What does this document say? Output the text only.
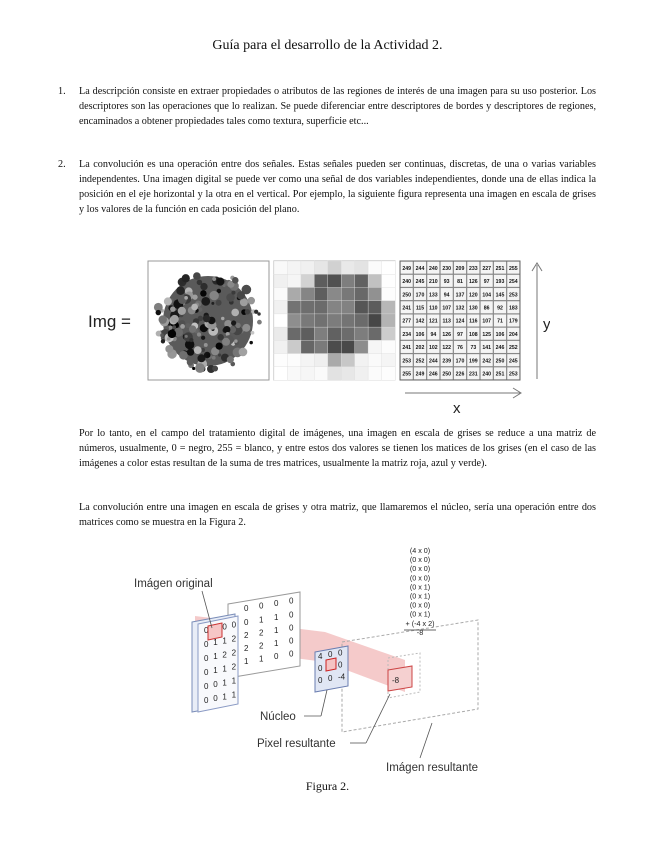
Guía para el desarrollo de la Actividad 2.
1. La descripción consiste en extraer propiedades o atributos de las regiones de interés de una imagen para su uso posterior. Los descriptores son las operaciones que lo realizan. Se puede diferenciar entre descriptores de bordes y descriptores de regiones, encaminados a obtener propiedades tales como textura, superficie etc...

2. La convolución es una operación entre dos señales. Estas señales pueden ser continuas, discretas, de una o varias variables independentes. Una imagen digital se puede ver como una señal de dos variables independientes, donde una de ellas indica la posición en el eje horizontal y la otra en el vertical. Por ejemplo, la siguiente figura representa una imagen en escala de grises y los valores de la función en cada posición del plano.

Img =
249 244 240 230 209 233 227 251 255
240 245 210 93 81 126 97 193 254
250 170 133 94 137 120 104 145 253
241 115 110 107 132 130 86 92 183
277 142 121 113 124 116 107 71 179
234 106 94 126 97 108 125 106 204
241 202 102 122 76 73 141 246 252
253 252 244 239 170 199 242 250 245
255 249 246 250 226 231 240 251 253
y
x

Por lo tanto, en el campo del tratamiento digital de imágenes, una imagen en escala de grises se reduce a una matriz de números, usualmente, 0 = negro, 255 = blanco, y entre estos dos valores se tienen los matices de los grises (en el caso de las imágenes a color estas resultan de la suma de tres matrices, usualmente la matriz roja, azul y verde).

La convolución entre una imagen en escala de grises y otra matriz, que llamaremos el núcleo, sería una operación entre dos matrices como se muestra en la Figura 2.

-8
0 0 0 0
0 1 1 0
2 2 1 0
2 2 1 0
1 1 0 0
0 0 0
0 1 1 2
0 1 2 2
0 1 1 2
0 0 1 1
0 0 1 1
4 0 0
0 0
0 0 -4
(4 x 0)
(0 x 0)
(0 x 0)
(0 x 0)
(0 x 1)
(0 x 1)
(0 x 0)
(0 x 1)
+ (-4 x 2)
-8
Imágen original
Núcleo
Pixel resultante
Imágen resultante
Figura 2.
